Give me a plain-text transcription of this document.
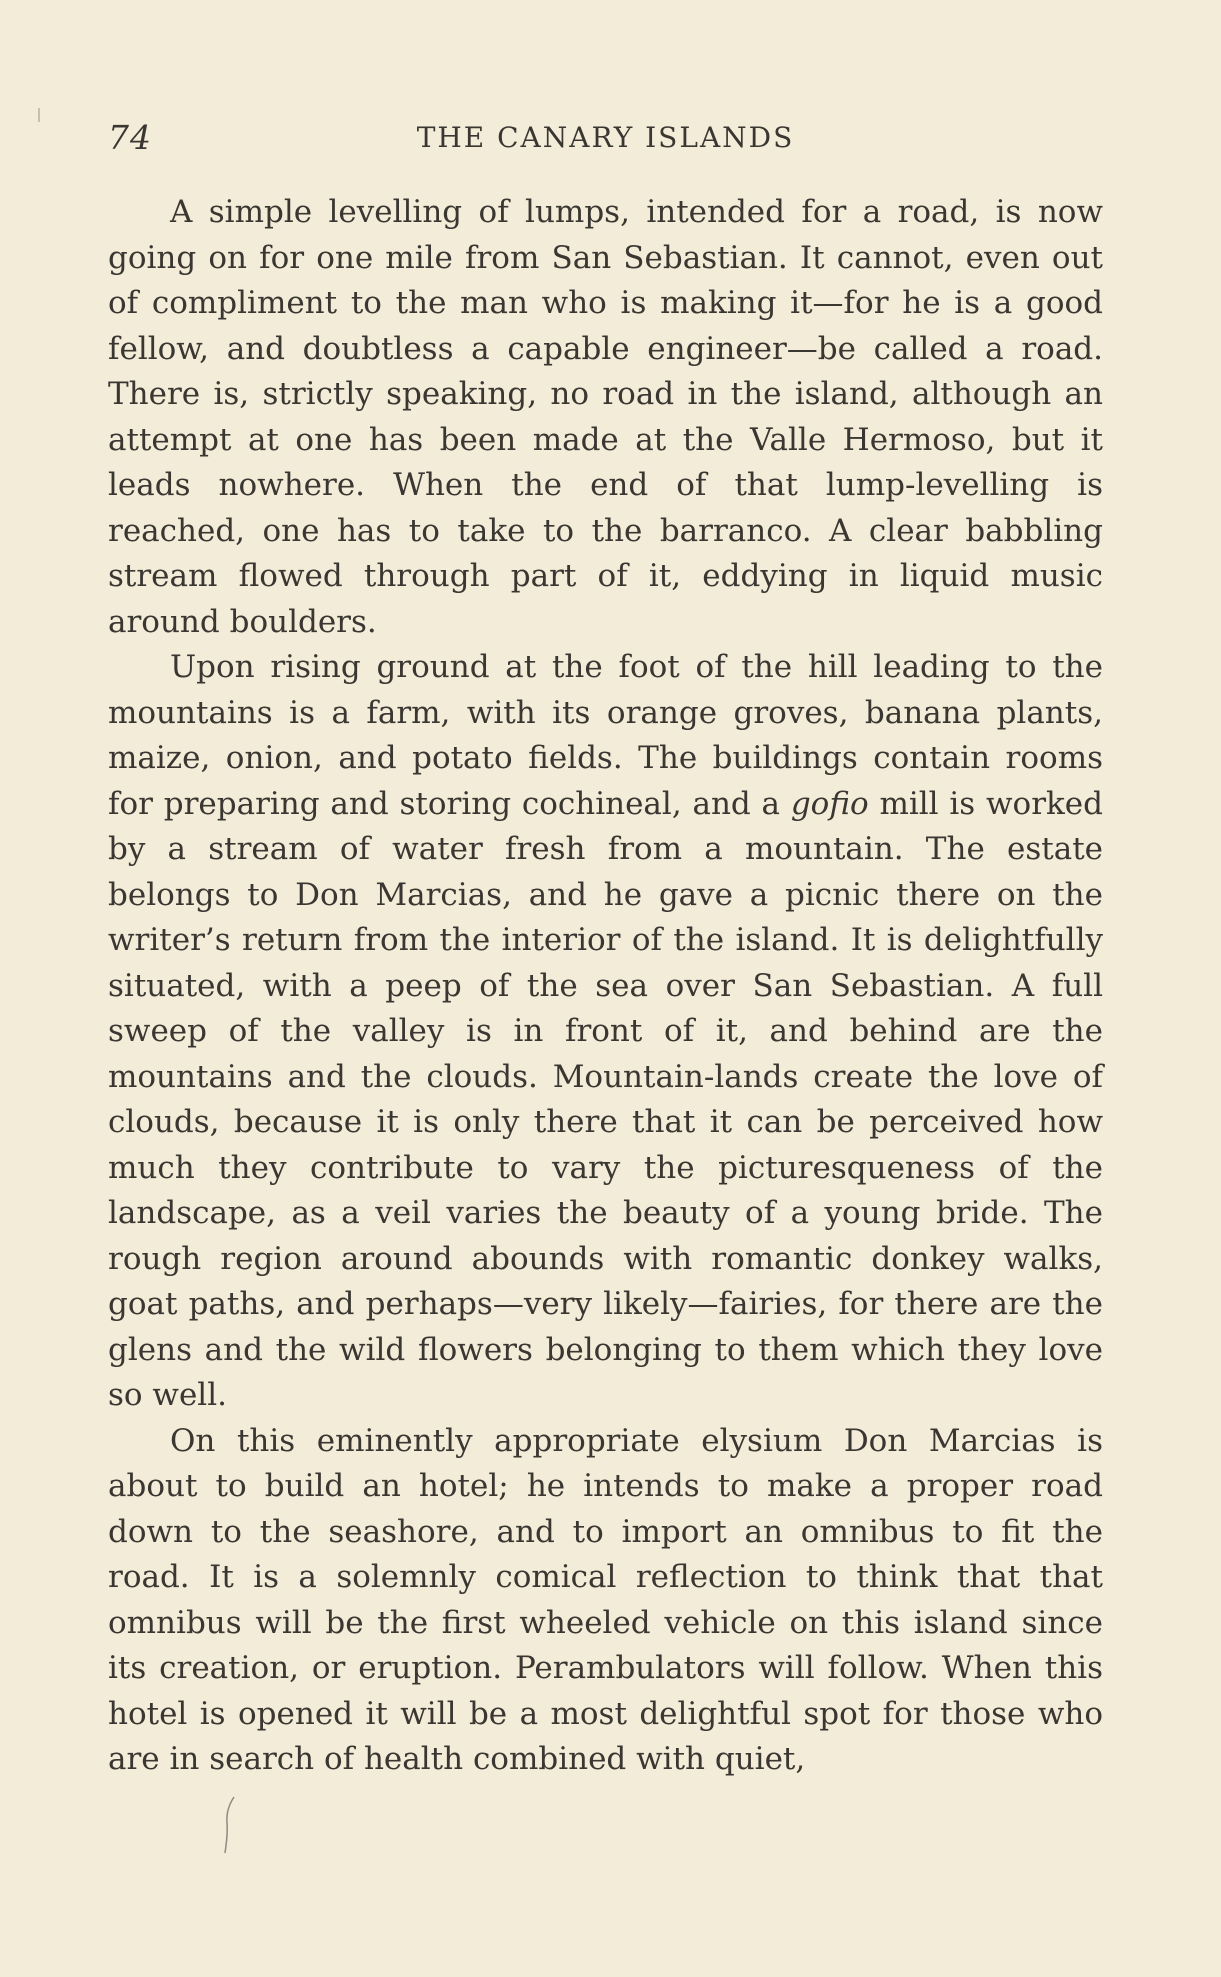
74	THE CANARY ISLANDS

A simple levelling of lumps, intended for a road, is now going on for one mile from San Sebastian. It cannot, even out of compliment to the man who is making it—for he is a good fellow, and doubtless a capable engineer—be called a road. There is, strictly speaking, no road in the island, although an attempt at one has been made at the Valle Hermoso, but it leads nowhere. When the end of that lump-levelling is reached, one has to take to the barranco. A clear babbling stream flowed through part of it, eddying in liquid music around boulders.

Upon rising ground at the foot of the hill leading to the mountains is a farm, with its orange groves, banana plants, maize, onion, and potato fields. The buildings contain rooms for preparing and storing cochineal, and a gofio mill is worked by a stream of water fresh from a mountain. The estate belongs to Don Marcias, and he gave a picnic there on the writer’s return from the interior of the island. It is delightfully situated, with a peep of the sea over San Sebastian. A full sweep of the valley is in front of it, and behind are the mountains and the clouds. Mountain-lands create the love of clouds, because it is only there that it can be perceived how much they contribute to vary the picturesqueness of the landscape, as a veil varies the beauty of a young bride. The rough region around abounds with romantic donkey walks, goat paths, and perhaps—very likely—fairies, for there are the glens and the wild flowers belonging to them which they love so well.

On this eminently appropriate elysium Don Marcias is about to build an hotel; he intends to make a proper road down to the seashore, and to import an omnibus to fit the road. It is a solemnly comical reflection to think that that omnibus will be the first wheeled vehicle on this island since its creation, or eruption. Perambulators will follow. When this hotel is opened it will be a most delightful spot for those who are in search of health combined with quiet,
